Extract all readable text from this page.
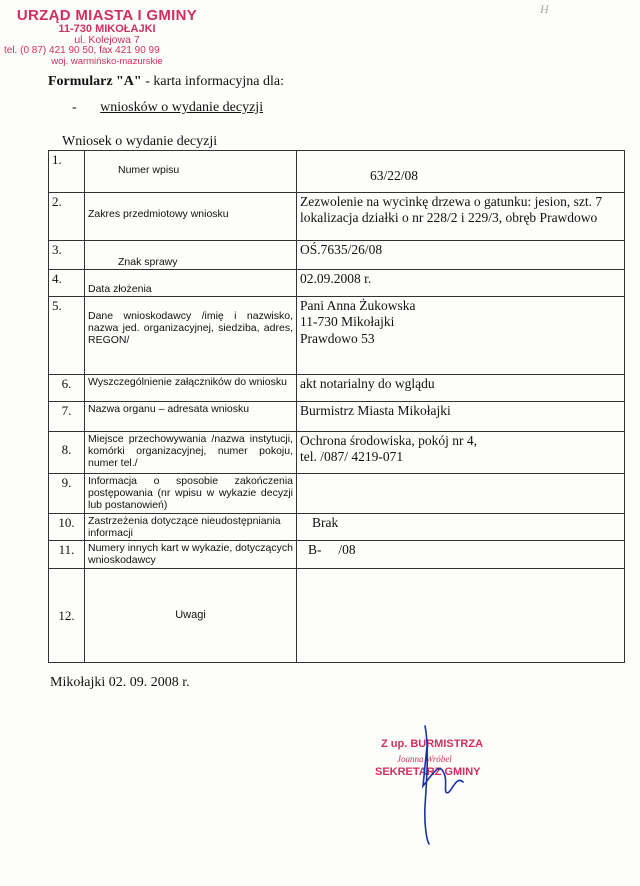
URZĄD MIASTA I GMINY
11-730 MIKOŁAJKI
ul. Kolejowa 7
tel. (0 87) 421 90 50, fax 421 90 99
woj. warmińsko-mazurskie
H
Formularz "A" - karta informacyjna dla:
- wniosków o wydanie decyzji
Wniosek o wydanie decyzji
1.	Numer wpisu	63/22/08

2.	Zakres przedmiotowy wniosku	Zezwolenie na wycinkę drzewa o gatunku: jesion, szt. 7 lokalizacja działki o nr 228/2 i 229/3, obręb Prawdowo
3.	Znak sprawy	OŚ.7635/26/08
4.	Data złożenia	02.09.2008 r.
5.	Dane wnioskodawcy /imię i nazwisko, nazwa jed. organizacyjnej, siedziba, adres, REGON/	Pani Anna Żukowska
11-730 Mikołajki
Prawdowo 53

6.	Wyszczególnienie załączników do wniosku	akt notarialny do wglądu
7.	Nazwa organu – adresata wniosku	Burmistrz Miasta Mikołajki
8.	Miejsce przechowywania /nazwa instytucji, komórki organizacyjnej, numer pokoju, numer tel./	Ochrona środowiska, pokój nr 4,
tel. /087/ 4219-071

9.	Informacja o sposobie zakończenia postępowania (nr wpisu w wykazie decyzji lub postanowień)	
10.	Zastrzeżenia dotyczące nieudostępniania informacji	Brak

11.	Numery innych kart w wykazie, dotyczących wnioskodawcy	B-     /08

12.	Uwagi	
Mikołajki 02. 09. 2008 r.
Z up. BURMISTRZA
Joanna Wróbel
SEKRETARZ GMINY
